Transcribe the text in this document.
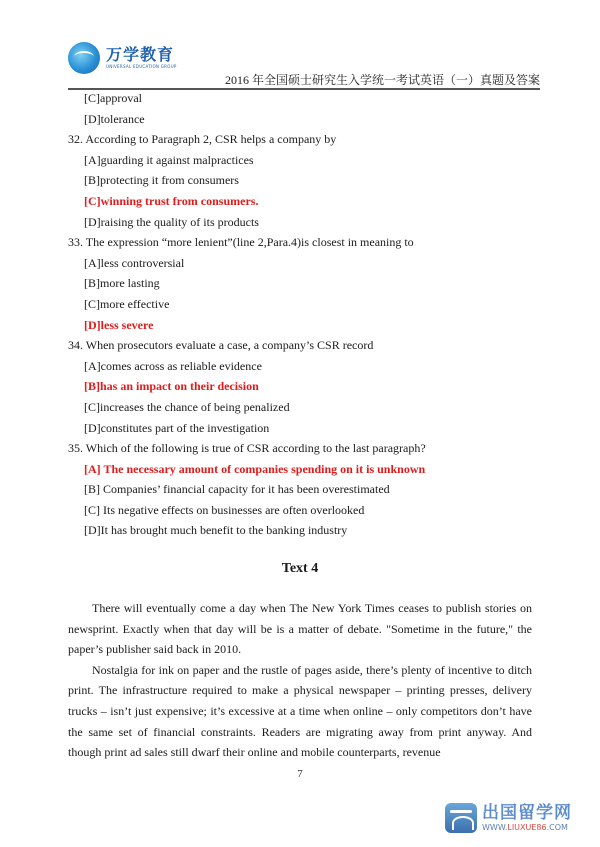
万学教育
UNIVERSAL EDUCATION GROUP
2016 年全国硕士研究生入学统一考试英语（一）真题及答案
[C]approval
[D]tolerance
32. According to Paragraph 2, CSR helps a company by
[A]guarding it against malpractices
[B]protecting it from consumers
[C]winning trust from consumers.
[D]raising the quality of its products
33. The expression “more lenient”(line 2,Para.4)is closest in meaning to
[A]less controversial
[B]more lasting
[C]more effective
[D]less severe
34. When prosecutors evaluate a case, a company’s CSR record
[A]comes across as reliable evidence
[B]has an impact on their decision
[C]increases the chance of being penalized
[D]constitutes part of the investigation
35. Which of the following is true of CSR according to the last paragraph?
[A] The necessary amount of companies spending on it is unknown
[B] Companies’ financial capacity for it has been overestimated
[C] Its negative effects on businesses are often overlooked
[D]It has brought much benefit to the banking industry
Text 4

There will eventually come a day when The New York Times ceases to publish stories on newsprint. Exactly when that day will be is a matter of debate. "Sometime in the future," the paper’s publisher said back in 2010.

Nostalgia for ink on paper and the rustle of pages aside, there’s plenty of incentive to ditch print. The infrastructure required to make a physical newspaper – printing presses, delivery trucks – isn’t just expensive; it’s excessive at a time when online – only competitors don’t have the same set of financial constraints. Readers are migrating away from print anyway. And though print ad sales still dwarf their online and mobile counterparts, revenue

7
出国留学网
WWW.LIUXUE86.COM
